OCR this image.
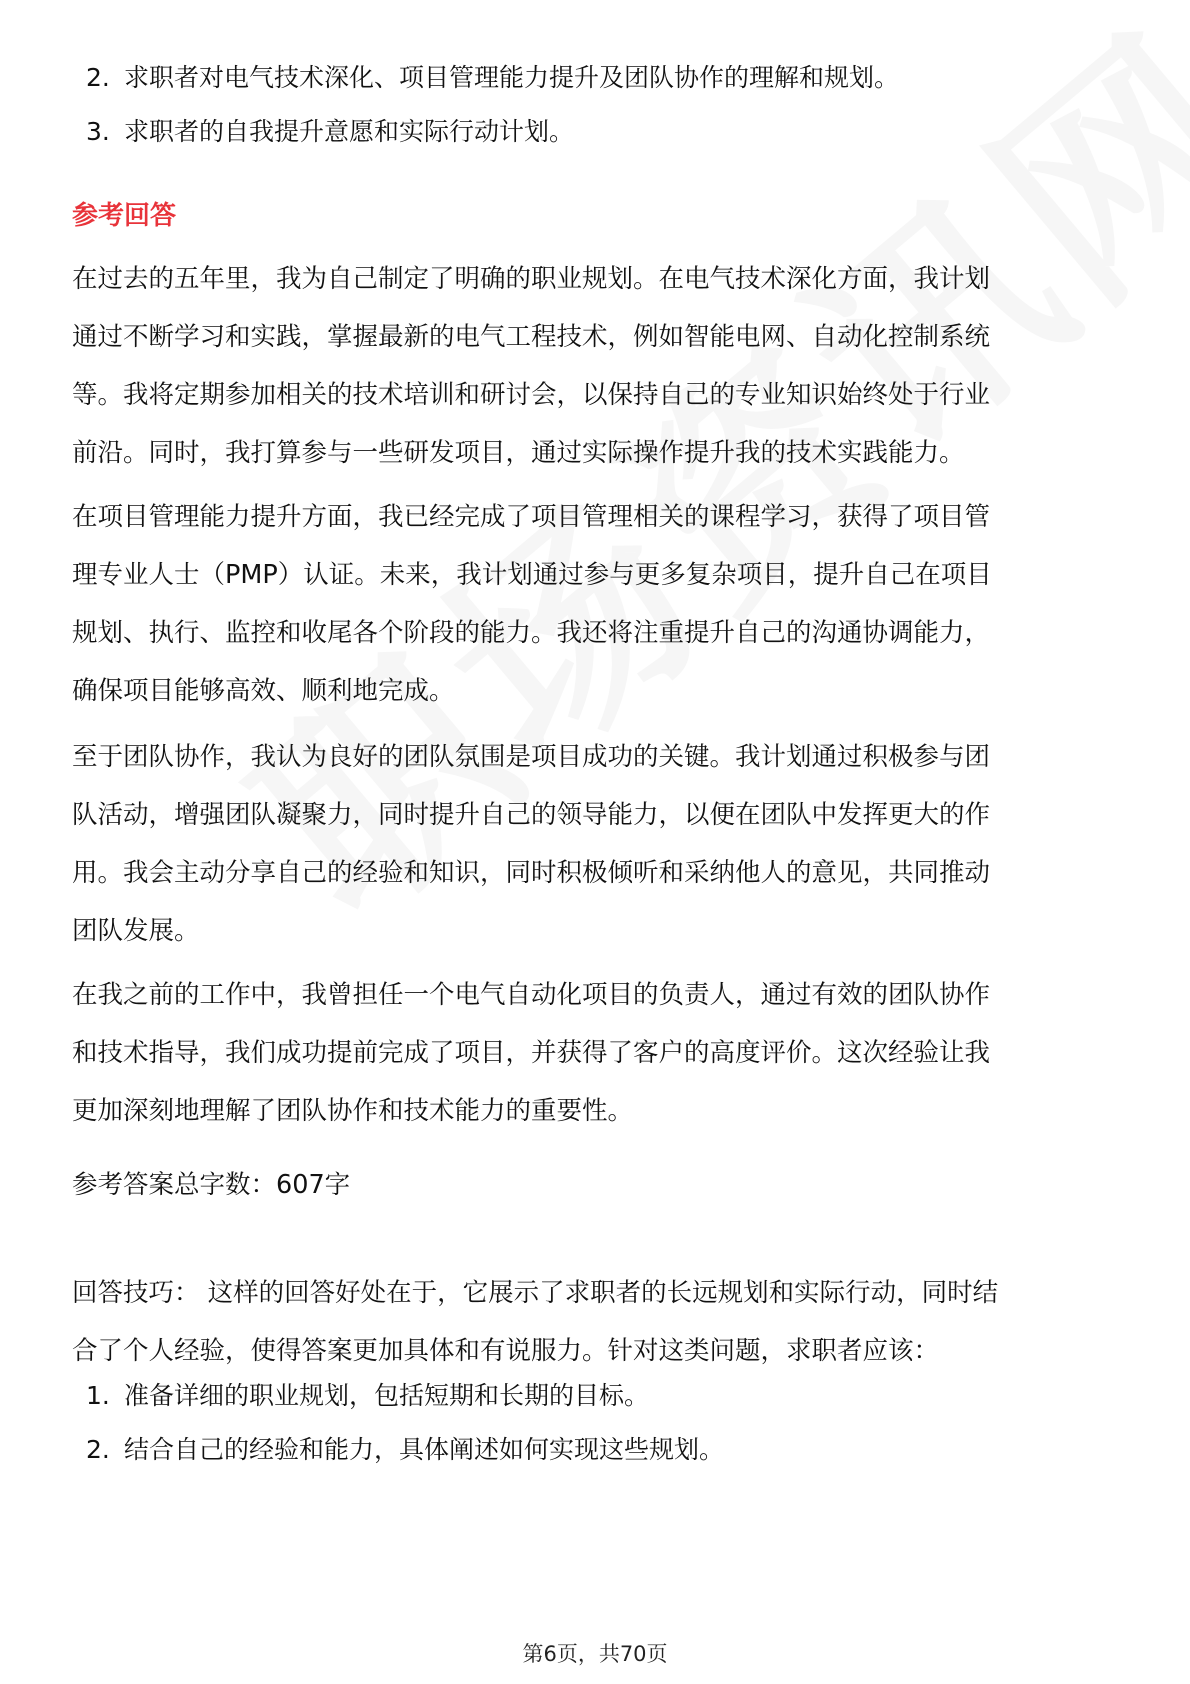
2. 求职者对电气技术深化、项目管理能力提升及团队协作的理解和规划。
3. 求职者的自我提升意愿和实际行动计划。
参考回答
在过去的五年里，我为自己制定了明确的职业规划。在电气技术深化方面，我计划
通过不断学习和实践，掌握最新的电气工程技术，例如智能电网、自动化控制系统
等。我将定期参加相关的技术培训和研讨会，以保持自己的专业知识始终处于行业
前沿。同时，我打算参与一些研发项目，通过实际操作提升我的技术实践能力。
在项目管理能力提升方面，我已经完成了项目管理相关的课程学习，获得了项目管
理专业人士（PMP）认证。未来，我计划通过参与更多复杂项目，提升自己在项目
规划、执行、监控和收尾各个阶段的能力。我还将注重提升自己的沟通协调能力，
确保项目能够高效、顺利地完成。
至于团队协作，我认为良好的团队氛围是项目成功的关键。我计划通过积极参与团
队活动，增强团队凝聚力，同时提升自己的领导能力，以便在团队中发挥更大的作
用。我会主动分享自己的经验和知识，同时积极倾听和采纳他人的意见，共同推动
团队发展。
在我之前的工作中，我曾担任一个电气自动化项目的负责人，通过有效的团队协作
和技术指导，我们成功提前完成了项目，并获得了客户的高度评价。这次经验让我
更加深刻地理解了团队协作和技术能力的重要性。
参考答案总字数：607字
回答技巧： 这样的回答好处在于，它展示了求职者的长远规划和实际行动，同时结
合了个人经验，使得答案更加具体和有说服力。针对这类问题，求职者应该：
1. 准备详细的职业规划，包括短期和长期的目标。
2. 结合自己的经验和能力，具体阐述如何实现这些规划。
第6页，共70页
